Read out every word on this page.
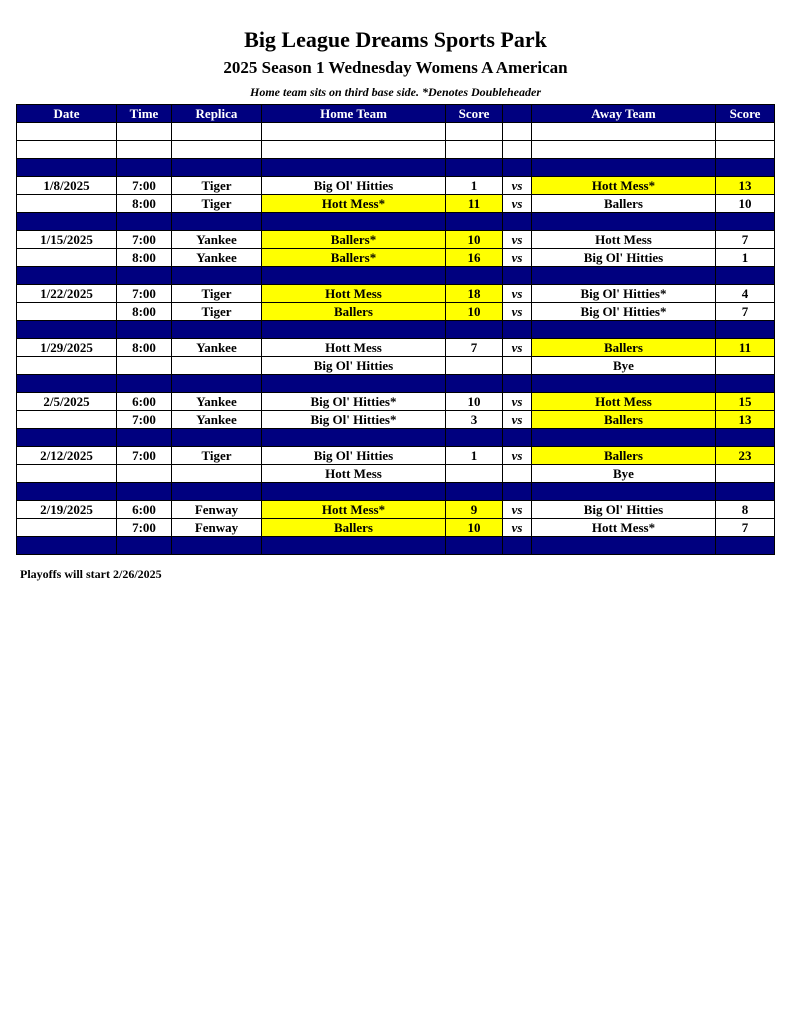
Big League Dreams Sports Park
2025 Season 1 Wednesday Womens A American
Home team sits on third base side. *Denotes Doubleheader
Date	Time	Replica	Home Team	Score		Away Team	Score

1/8/2025	7:00	Tiger	Big Ol' Hitties	1	vs	Hott Mess*	13
	8:00	Tiger	Hott Mess*	11	vs	Ballers	10

1/15/2025	7:00	Yankee	Ballers*	10	vs	Hott Mess	7
	8:00	Yankee	Ballers*	16	vs	Big Ol' Hitties	1

1/22/2025	7:00	Tiger	Hott Mess	18	vs	Big Ol' Hitties*	4
	8:00	Tiger	Ballers	10	vs	Big Ol' Hitties*	7

1/29/2025	8:00	Yankee	Hott Mess	7	vs	Ballers	11
			Big Ol' Hitties			Bye	

2/5/2025	6:00	Yankee	Big Ol' Hitties*	10	vs	Hott Mess	15
	7:00	Yankee	Big Ol' Hitties*	3	vs	Ballers	13

2/12/2025	7:00	Tiger	Big Ol' Hitties	1	vs	Ballers	23
			Hott Mess			Bye	

2/19/2025	6:00	Fenway	Hott Mess*	9	vs	Big Ol' Hitties	8
	7:00	Fenway	Ballers	10	vs	Hott Mess*	7

Playoffs will start 2/26/2025
